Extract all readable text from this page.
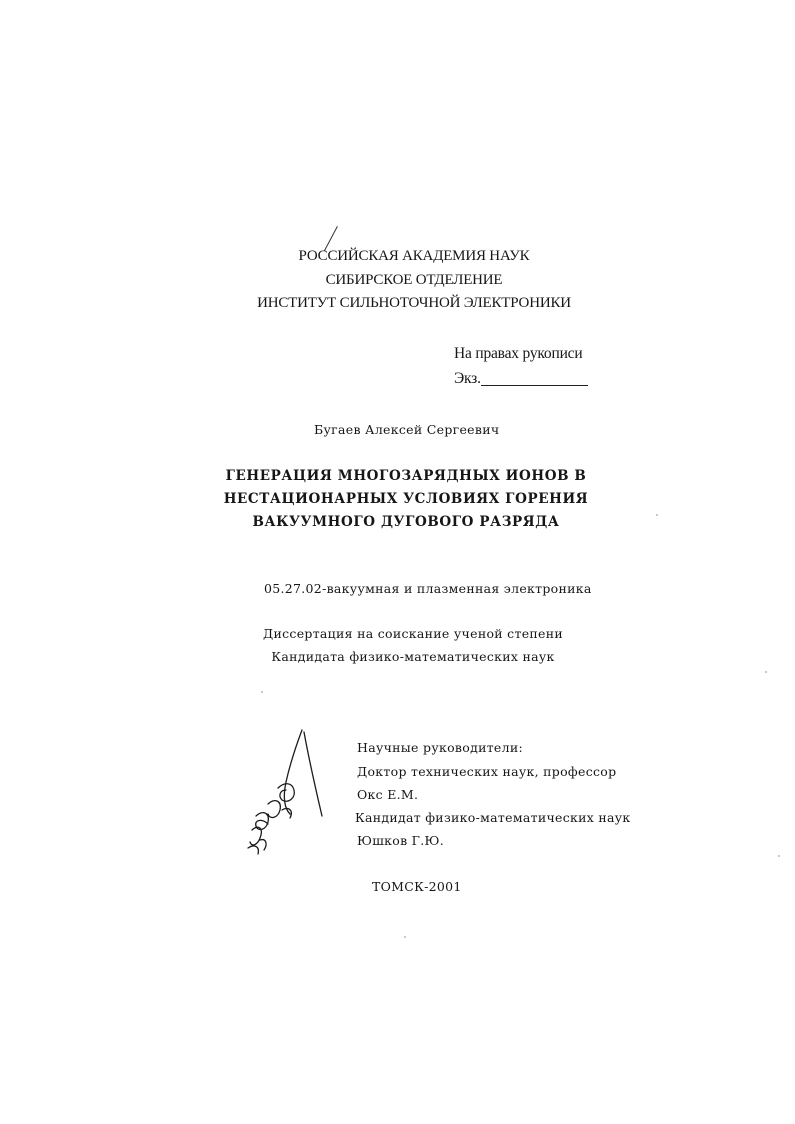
РОССИЙСКАЯ АКАДЕМИЯ НАУК
СИБИРСКОЕ ОТДЕЛЕНИЕ
ИНСТИТУТ СИЛЬНОТОЧНОЙ ЭЛЕКТРОНИКИ
На правах рукописи
Экз.
Бугаев Алексей Сергеевич
ГЕНЕРАЦИЯ МНОГОЗАРЯДНЫХ ИОНОВ В
НЕСТАЦИОНАРНЫХ УСЛОВИЯХ ГОРЕНИЯ
ВАКУУМНОГО ДУГОВОГО РАЗРЯДА
05.27.02-вакуумная и плазменная электроника
Диссертация на соискание ученой степени
Кандидата физико-математических наук
Научные руководители:
Доктор технических наук, профессор
Окс Е.М.
Кандидат физико-математических наук
Юшков Г.Ю.
ТОМСК-2001
